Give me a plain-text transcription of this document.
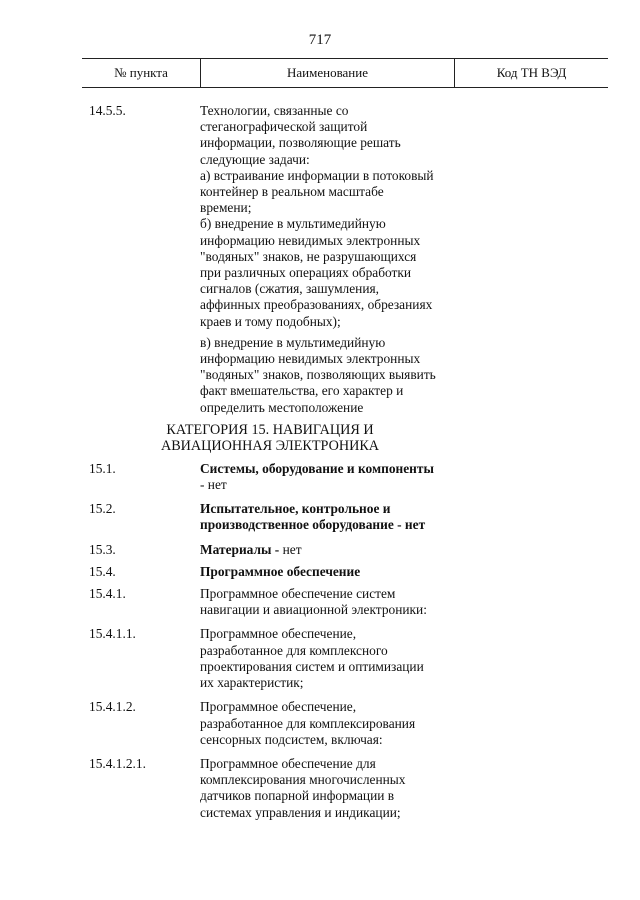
717
№ пункта	Наименование	Код ТН ВЭД
14.5.5.	Технологии, связанные со
стеганографической защитой
информации, позволяющие решать
следующие задачи:
а) встраивание информации в потоковый
контейнер в реальном масштабе
времени;
б) внедрение в мультимедийную
информацию невидимых электронных
"водяных" знаков, не разрушающихся
при различных операциях обработки
сигналов (сжатия, зашумления,
аффинных преобразованиях, обрезаниях
краев и тому подобных);
в) внедрение в мультимедийную
информацию невидимых электронных
"водяных" знаков, позволяющих выявить
факт вмешательства, его характер и
определить местоположение
КАТЕГОРИЯ 15. НАВИГАЦИЯ И
АВИАЦИОННАЯ ЭЛЕКТРОНИКА
15.1.	Системы, оборудование и компоненты
- нет
15.2.	Испытательное, контрольное и
производственное оборудование - нет
15.3.	Материалы - нет
15.4.	Программное обеспечение
15.4.1.	Программное обеспечение систем
навигации и авиационной электроники:
15.4.1.1.	Программное обеспечение,
разработанное для комплексного
проектирования систем и оптимизации
их характеристик;
15.4.1.2.	Программное обеспечение,
разработанное для комплексирования
сенсорных подсистем, включая:
15.4.1.2.1.	Программное обеспечение для
комплексирования многочисленных
датчиков попарной информации в
системах управления и индикации;
